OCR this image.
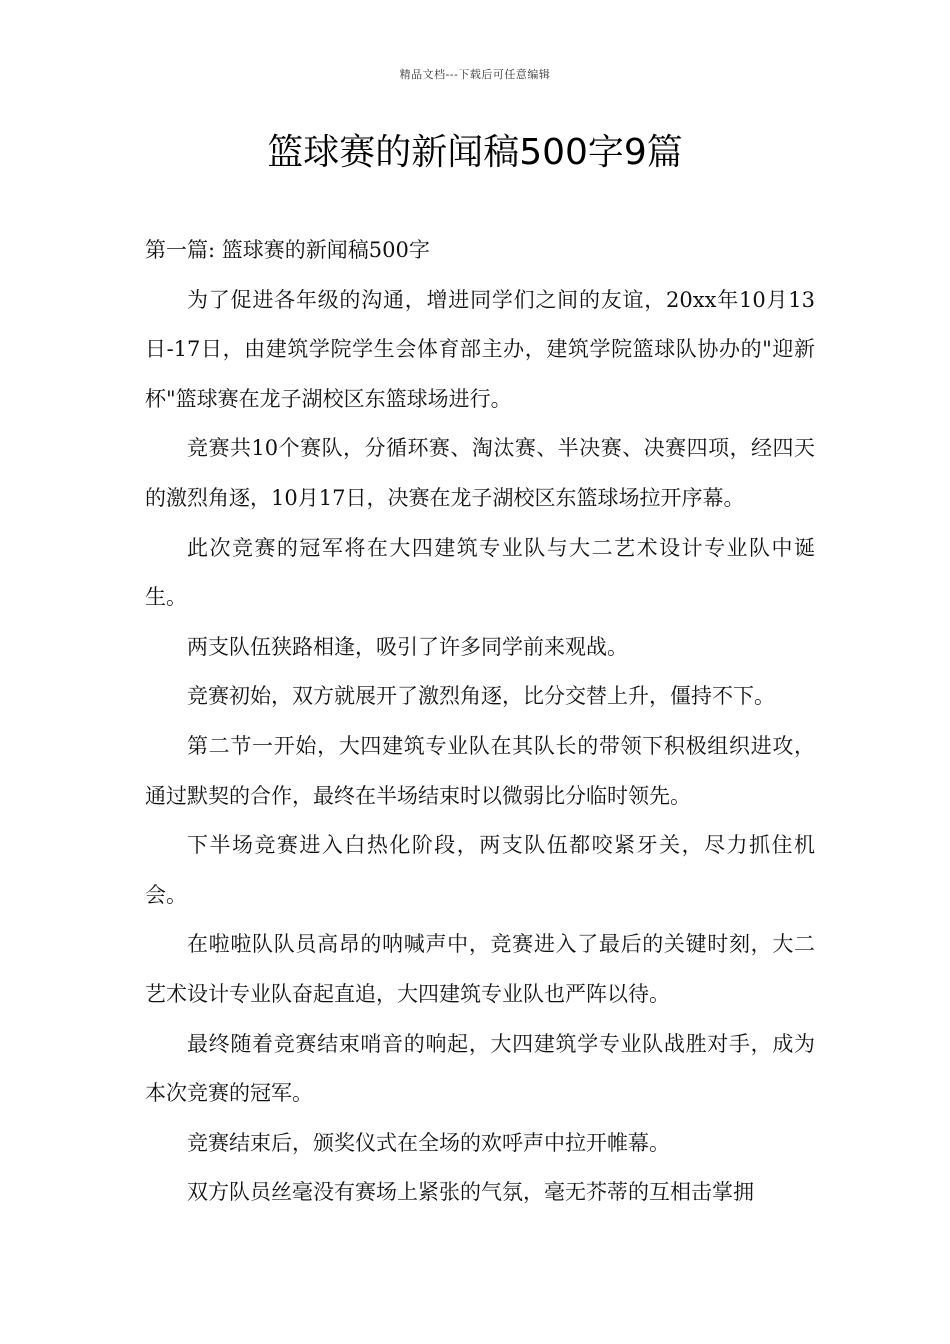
精品文档---下载后可任意编辑
篮球赛的新闻稿500字9篇

第一篇: 篮球赛的新闻稿500字

为了促进各年级的沟通，增进同学们之间的友谊，20xx年10月13日-17日，由建筑学院学生会体育部主办，建筑学院篮球队协办的"迎新杯"篮球赛在龙子湖校区东篮球场进行。

竞赛共10个赛队，分循环赛、淘汰赛、半决赛、决赛四项，经四天的激烈角逐，10月17日，决赛在龙子湖校区东篮球场拉开序幕。

此次竞赛的冠军将在大四建筑专业队与大二艺术设计专业队中诞生。

两支队伍狭路相逢，吸引了许多同学前来观战。

竞赛初始，双方就展开了激烈角逐，比分交替上升，僵持不下。

第二节一开始，大四建筑专业队在其队长的带领下积极组织进攻，通过默契的合作，最终在半场结束时以微弱比分临时领先。

下半场竞赛进入白热化阶段，两支队伍都咬紧牙关，尽力抓住机会。

在啦啦队队员高昂的呐喊声中，竞赛进入了最后的关键时刻，大二艺术设计专业队奋起直追，大四建筑专业队也严阵以待。

最终随着竞赛结束哨音的响起，大四建筑学专业队战胜对手，成为本次竞赛的冠军。

竞赛结束后，颁奖仪式在全场的欢呼声中拉开帷幕。

双方队员丝毫没有赛场上紧张的气氛，毫无芥蒂的互相击掌拥
